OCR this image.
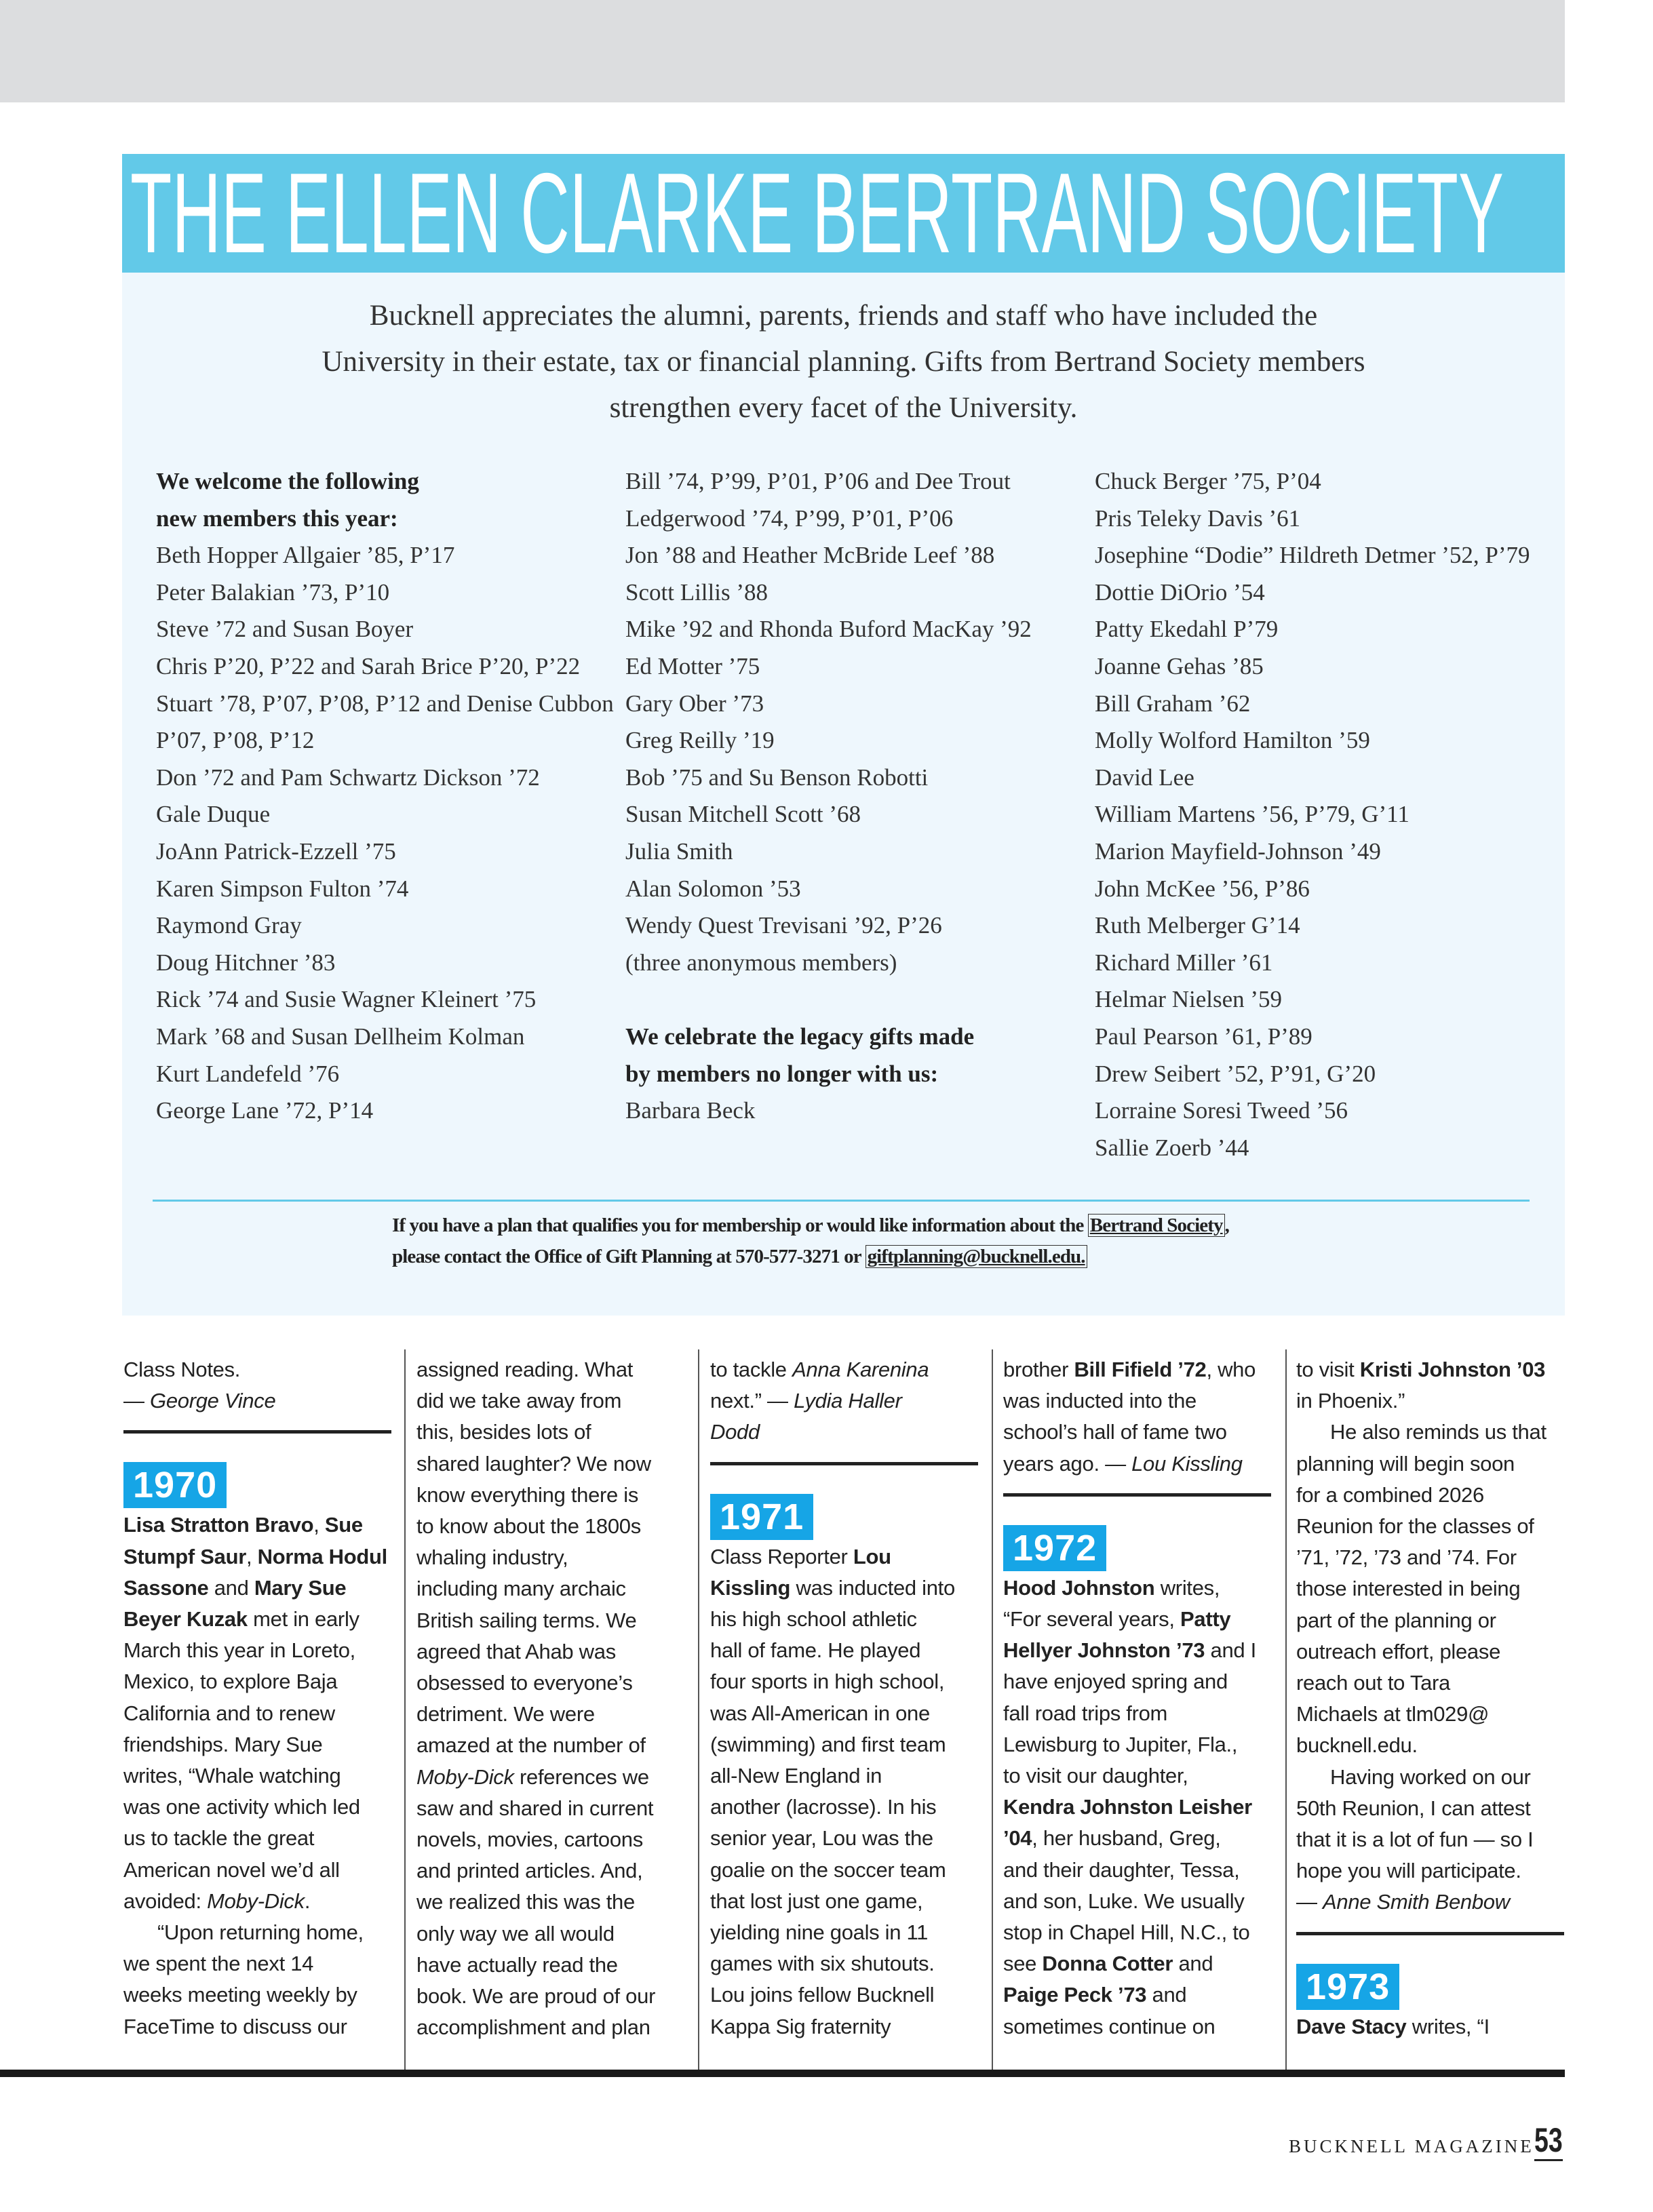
THE ELLEN CLARKE BERTRAND SOCIETY
Bucknell appreciates the alumni, parents, friends and staff who have included the
University in their estate, tax or financial planning. Gifts from Bertrand Society members
strengthen every facet of the University.
We welcome the following
new members this year:
Beth Hopper Allgaier ’85, P’17
Peter Balakian ’73, P’10
Steve ’72 and Susan Boyer
Chris P’20, P’22 and Sarah Brice P’20, P’22
Stuart ’78, P’07, P’08, P’12 and Denise Cubbon
P’07, P’08, P’12
Don ’72 and Pam Schwartz Dickson ’72
Gale Duque
JoAnn Patrick-Ezzell ’75
Karen Simpson Fulton ’74
Raymond Gray
Doug Hitchner ’83
Rick ’74 and Susie Wagner Kleinert ’75
Mark ’68 and Susan Dellheim Kolman
Kurt Landefeld ’76
George Lane ’72, P’14
Bill ’74, P’99, P’01, P’06 and Dee Trout
Ledgerwood ’74, P’99, P’01, P’06
Jon ’88 and Heather McBride Leef ’88
Scott Lillis ’88
Mike ’92 and Rhonda Buford MacKay ’92
Ed Motter ’75
Gary Ober ’73
Greg Reilly ’19
Bob ’75 and Su Benson Robotti
Susan Mitchell Scott ’68
Julia Smith
Alan Solomon ’53
Wendy Quest Trevisani ’92, P’26
(three anonymous members)
We celebrate the legacy gifts made
by members no longer with us:
Barbara Beck
Chuck Berger ’75, P’04
Pris Teleky Davis ’61
Josephine “Dodie” Hildreth Detmer ’52, P’79
Dottie DiOrio ’54
Patty Ekedahl P’79
Joanne Gehas ’85
Bill Graham ’62
Molly Wolford Hamilton ’59
David Lee
William Martens ’56, P’79, G’11
Marion Mayfield-Johnson ’49
John McKee ’56, P’86
Ruth Melberger G’14
Richard Miller ’61
Helmar Nielsen ’59
Paul Pearson ’61, P’89
Drew Seibert ’52, P’91, G’20
Lorraine Soresi Tweed ’56
Sallie Zoerb ’44
If you have a plan that qualifies you for membership or would like information about the Bertrand Society ,
please contact the Office of Gift Planning at 570-577-3271 or giftplanning@bucknell.edu.
Class Notes.
— George Vince
1970
Lisa Stratton Bravo, Sue
Stumpf Saur, Norma Hodul
Sassone and Mary Sue
Beyer Kuzak met in early
March this year in Loreto,
Mexico, to explore Baja
California and to renew
friendships. Mary Sue
writes, “Whale watching
was one activity which led
us to tackle the great
American novel we’d all
avoided: Moby-Dick.
“Upon returning home,
we spent the next 14
weeks meeting weekly by
FaceTime to discuss our
assigned reading. What
did we take away from
this, besides lots of
shared laughter? We now
know everything there is
to know about the 1800s
whaling industry,
including many archaic
British sailing terms. We
agreed that Ahab was
obsessed to everyone’s
detriment. We were
amazed at the number of
Moby-Dick references we
saw and shared in current
novels, movies, cartoons
and printed articles. And,
we realized this was the
only way we all would
have actually read the
book. We are proud of our
accomplishment and plan
to tackle Anna Karenina
next.” — Lydia Haller
Dodd
1971
Class Reporter Lou
Kissling was inducted into
his high school athletic
hall of fame. He played
four sports in high school,
was All-American in one
(swimming) and first team
all-New England in
another (lacrosse). In his
senior year, Lou was the
goalie on the soccer team
that lost just one game,
yielding nine goals in 11
games with six shutouts.
Lou joins fellow Bucknell
Kappa Sig fraternity
brother Bill Fifield ’72, who
was inducted into the
school’s hall of fame two
years ago. — Lou Kissling
1972
Hood Johnston writes,
“For several years, Patty
Hellyer Johnston ’73 and I
have enjoyed spring and
fall road trips from
Lewisburg to Jupiter, Fla.,
to visit our daughter,
Kendra Johnston Leisher
’04, her husband, Greg,
and their daughter, Tessa,
and son, Luke. We usually
stop in Chapel Hill, N.C., to
see Donna Cotter and
Paige Peck ’73 and
sometimes continue on
to visit Kristi Johnston ’03
in Phoenix.”
He also reminds us that
planning will begin soon
for a combined 2026
Reunion for the classes of
’71, ’72, ’73 and ’74. For
those interested in being
part of the planning or
outreach effort, please
reach out to Tara
Michaels at tlm029@
bucknell.edu.
Having worked on our
50th Reunion, I can attest
that it is a lot of fun — so I
hope you will participate.
— Anne Smith Benbow
1973
Dave Stacy writes, “I
BUCKNELL MAGAZINE 53
